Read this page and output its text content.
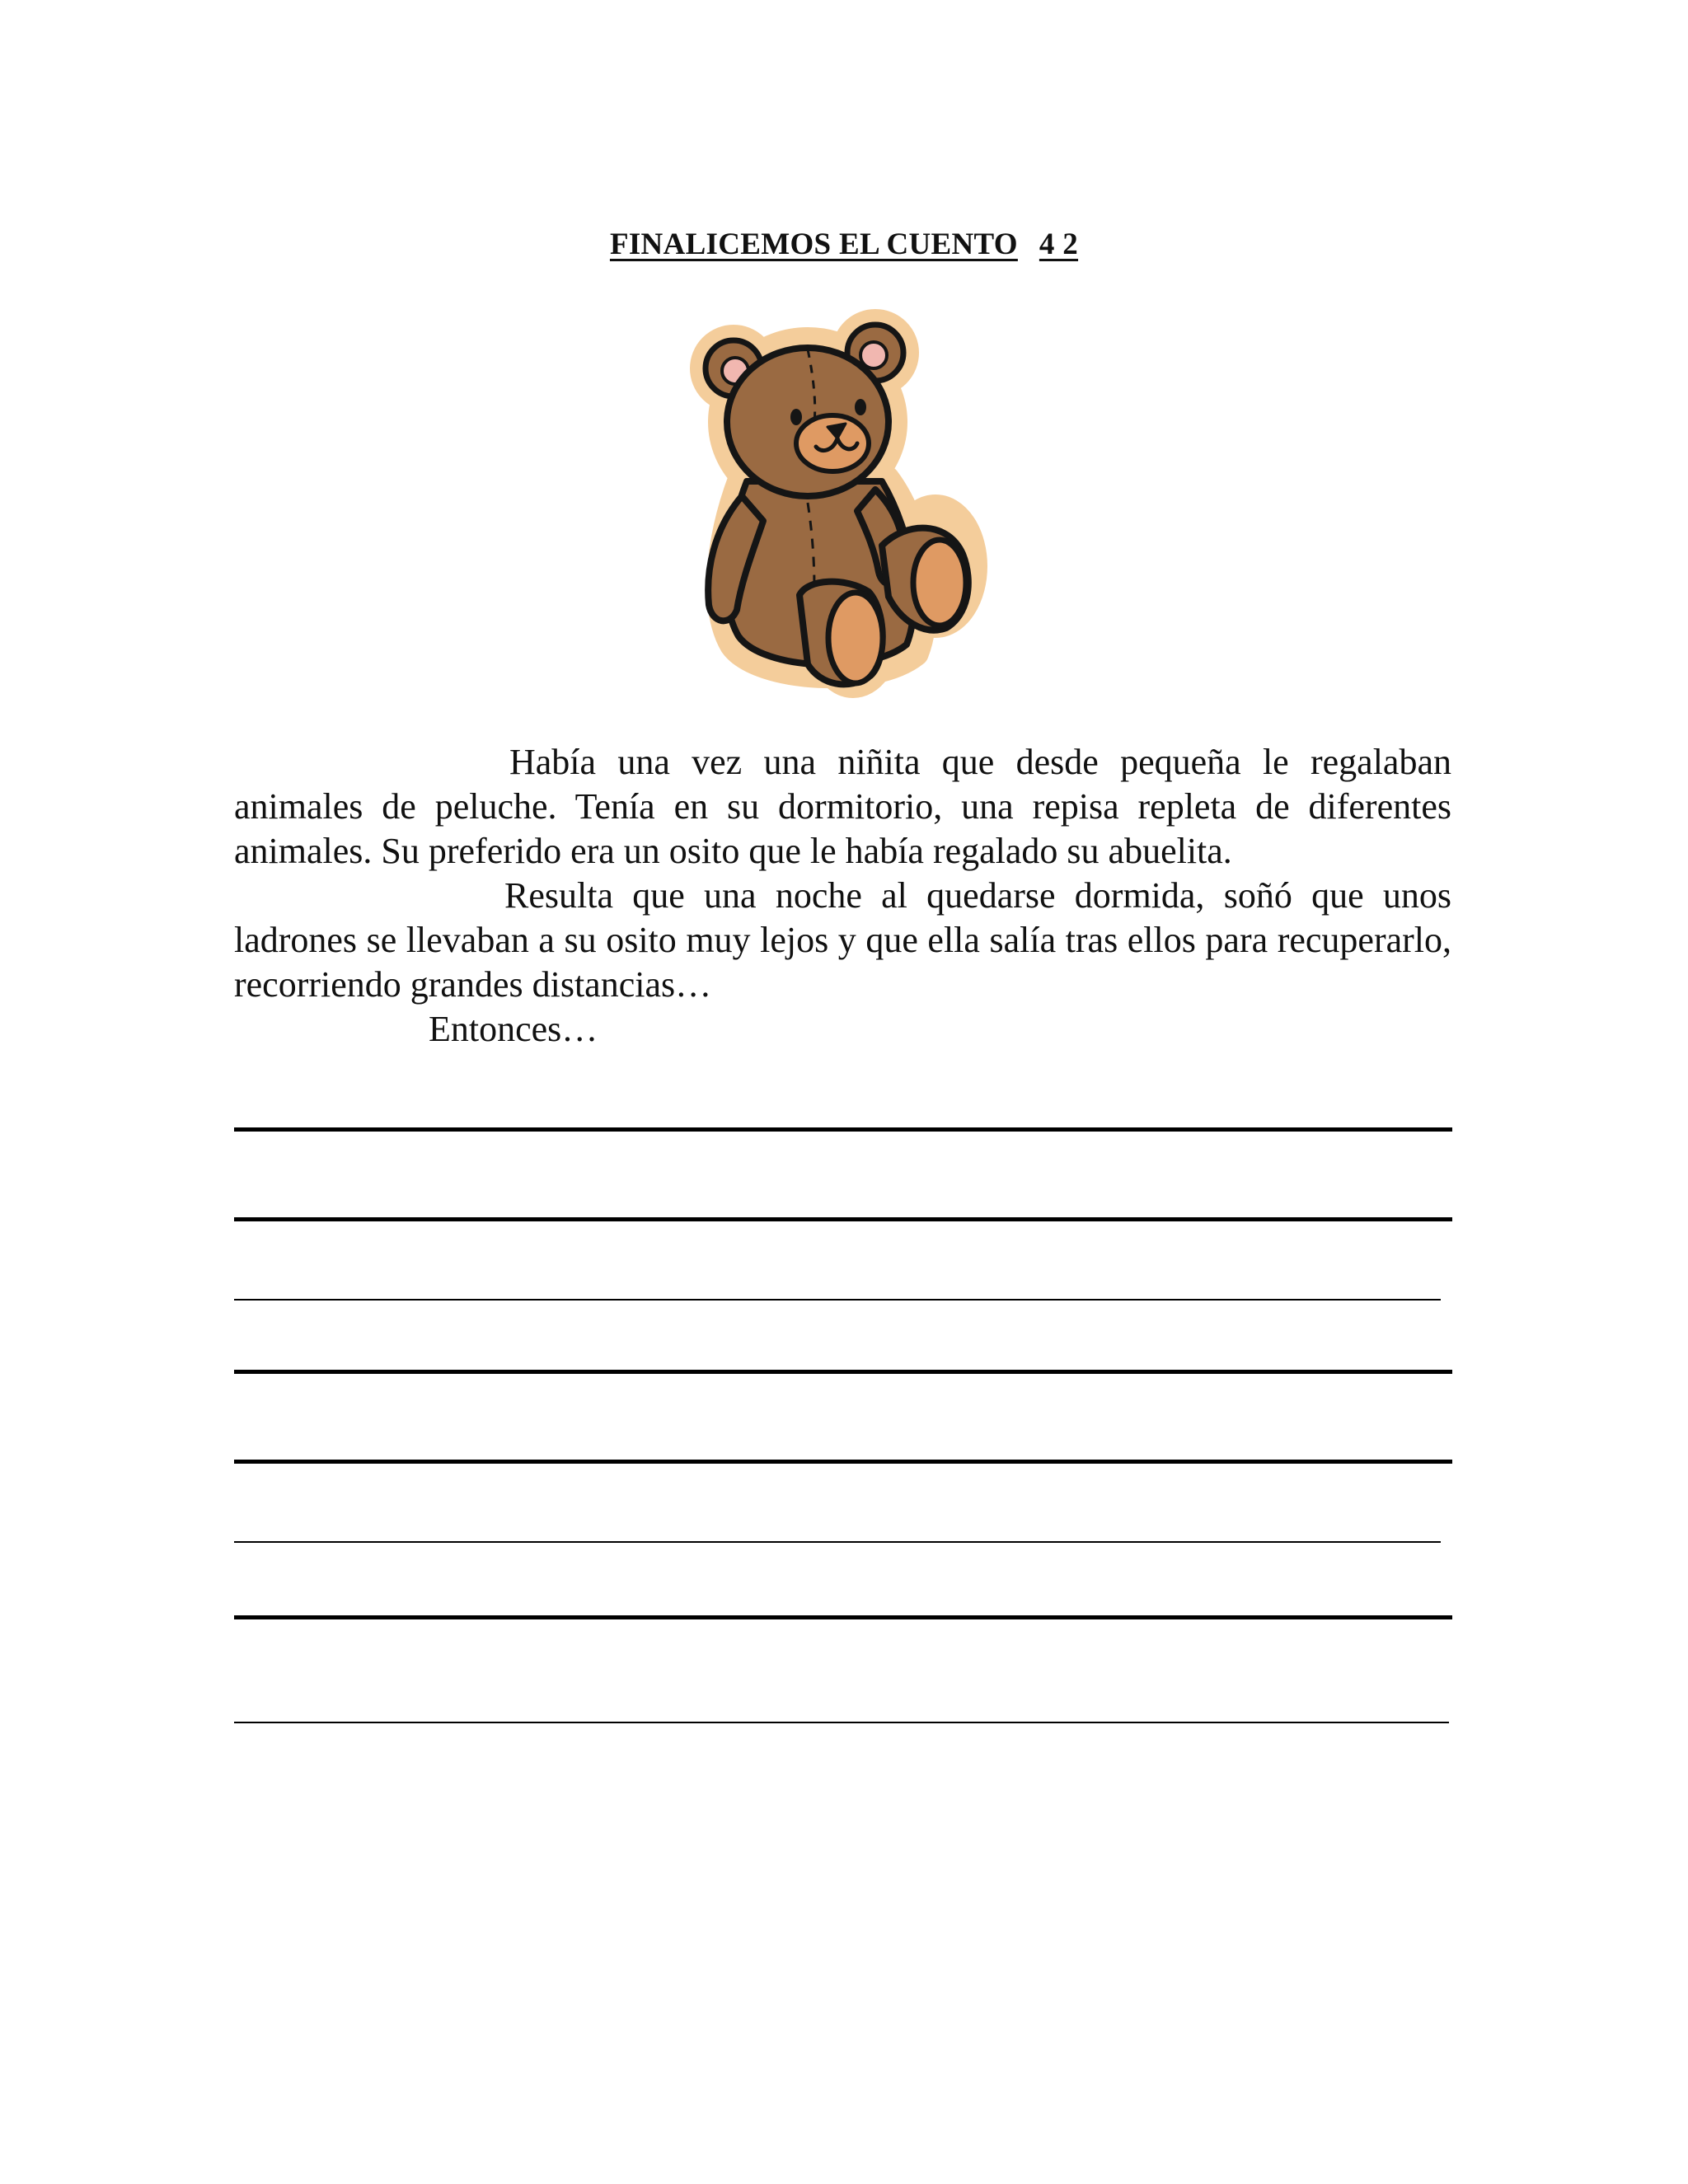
FINALICEMOS EL CUENTO 4 2

Había una vez una niñita que desde pequeña le regalaban animales de peluche. Tenía en su dormitorio, una repisa repleta de diferentes animales. Su preferido era un osito que le había regalado su abuelita.

Resulta que una noche al quedarse dormida, soñó que unos ladrones se llevaban a su osito muy lejos y que ella salía tras ellos para recuperarlo, recorriendo grandes distancias…

Entonces…
